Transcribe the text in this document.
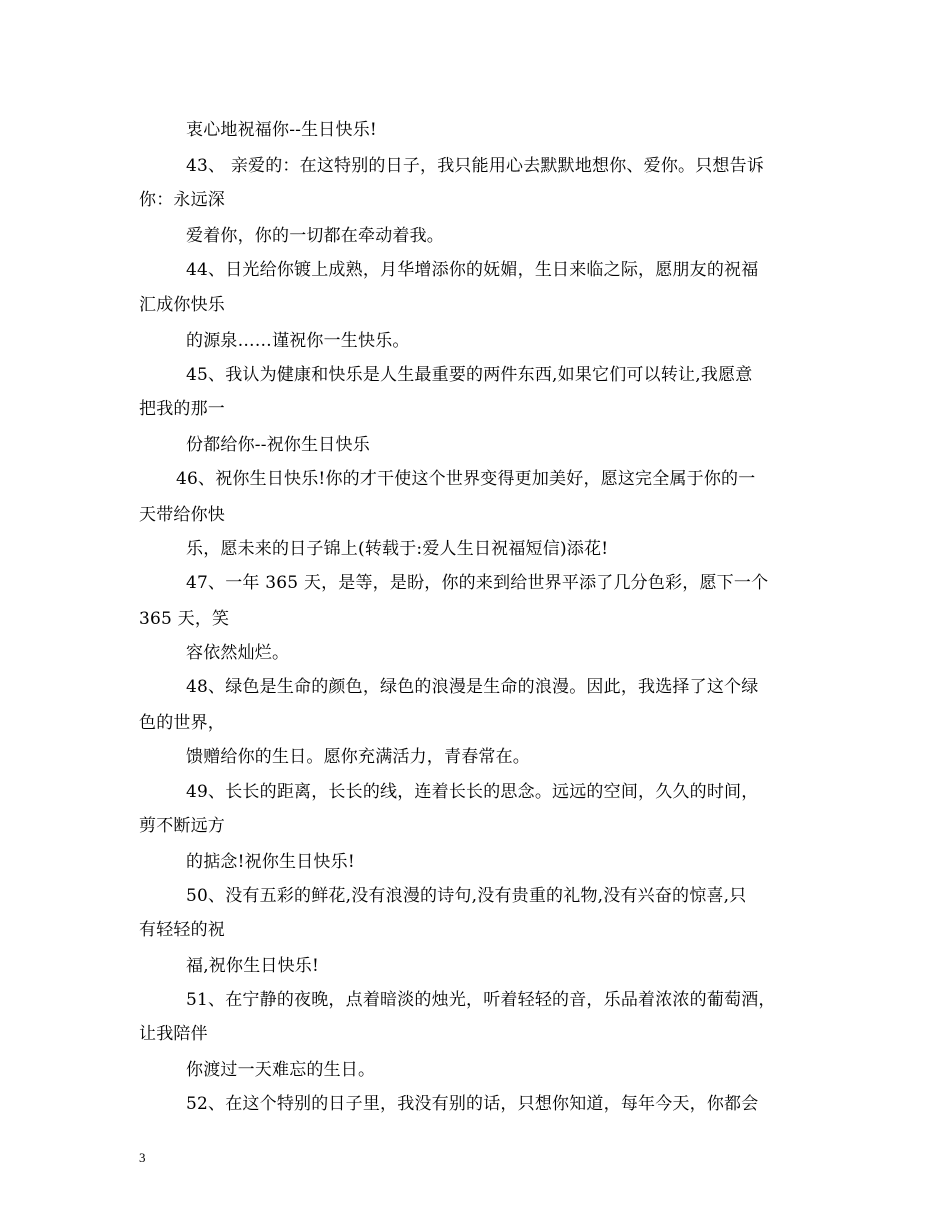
衷心地祝福你--生日快乐!
43、 亲爱的：在这特别的日子，我只能用心去默默地想你、爱你。只想告诉
你：永远深
爱着你，你的一切都在牵动着我。
44、日光给你镀上成熟，月华增添你的妩媚，生日来临之际，愿朋友的祝福
汇成你快乐
的源泉……谨祝你一生快乐。
45、我认为健康和快乐是人生最重要的两件东西,如果它们可以转让,我愿意
把我的那一
份都给你--祝你生日快乐
46、祝你生日快乐!你的才干使这个世界变得更加美好，愿这完全属于你的一
天带给你快
乐，愿未来的日子锦上(转载于:爱人生日祝福短信)添花!
47、一年 365 天，是等，是盼，你的来到给世界平添了几分色彩，愿下一个
365 天，笑
容依然灿烂。
48、绿色是生命的颜色，绿色的浪漫是生命的浪漫。因此，我选择了这个绿
色的世界，
馈赠给你的生日。愿你充满活力，青春常在。
49、长长的距离，长长的线，连着长长的思念。远远的空间，久久的时间，
剪不断远方
的掂念!祝你生日快乐!
50、没有五彩的鲜花,没有浪漫的诗句,没有贵重的礼物,没有兴奋的惊喜,只
有轻轻的祝
福,祝你生日快乐!
51、在宁静的夜晚，点着暗淡的烛光，听着轻轻的音，乐品着浓浓的葡萄酒，
让我陪伴
你渡过一天难忘的生日。
52、在这个特别的日子里，我没有别的话，只想你知道，每年今天，你都会
3
